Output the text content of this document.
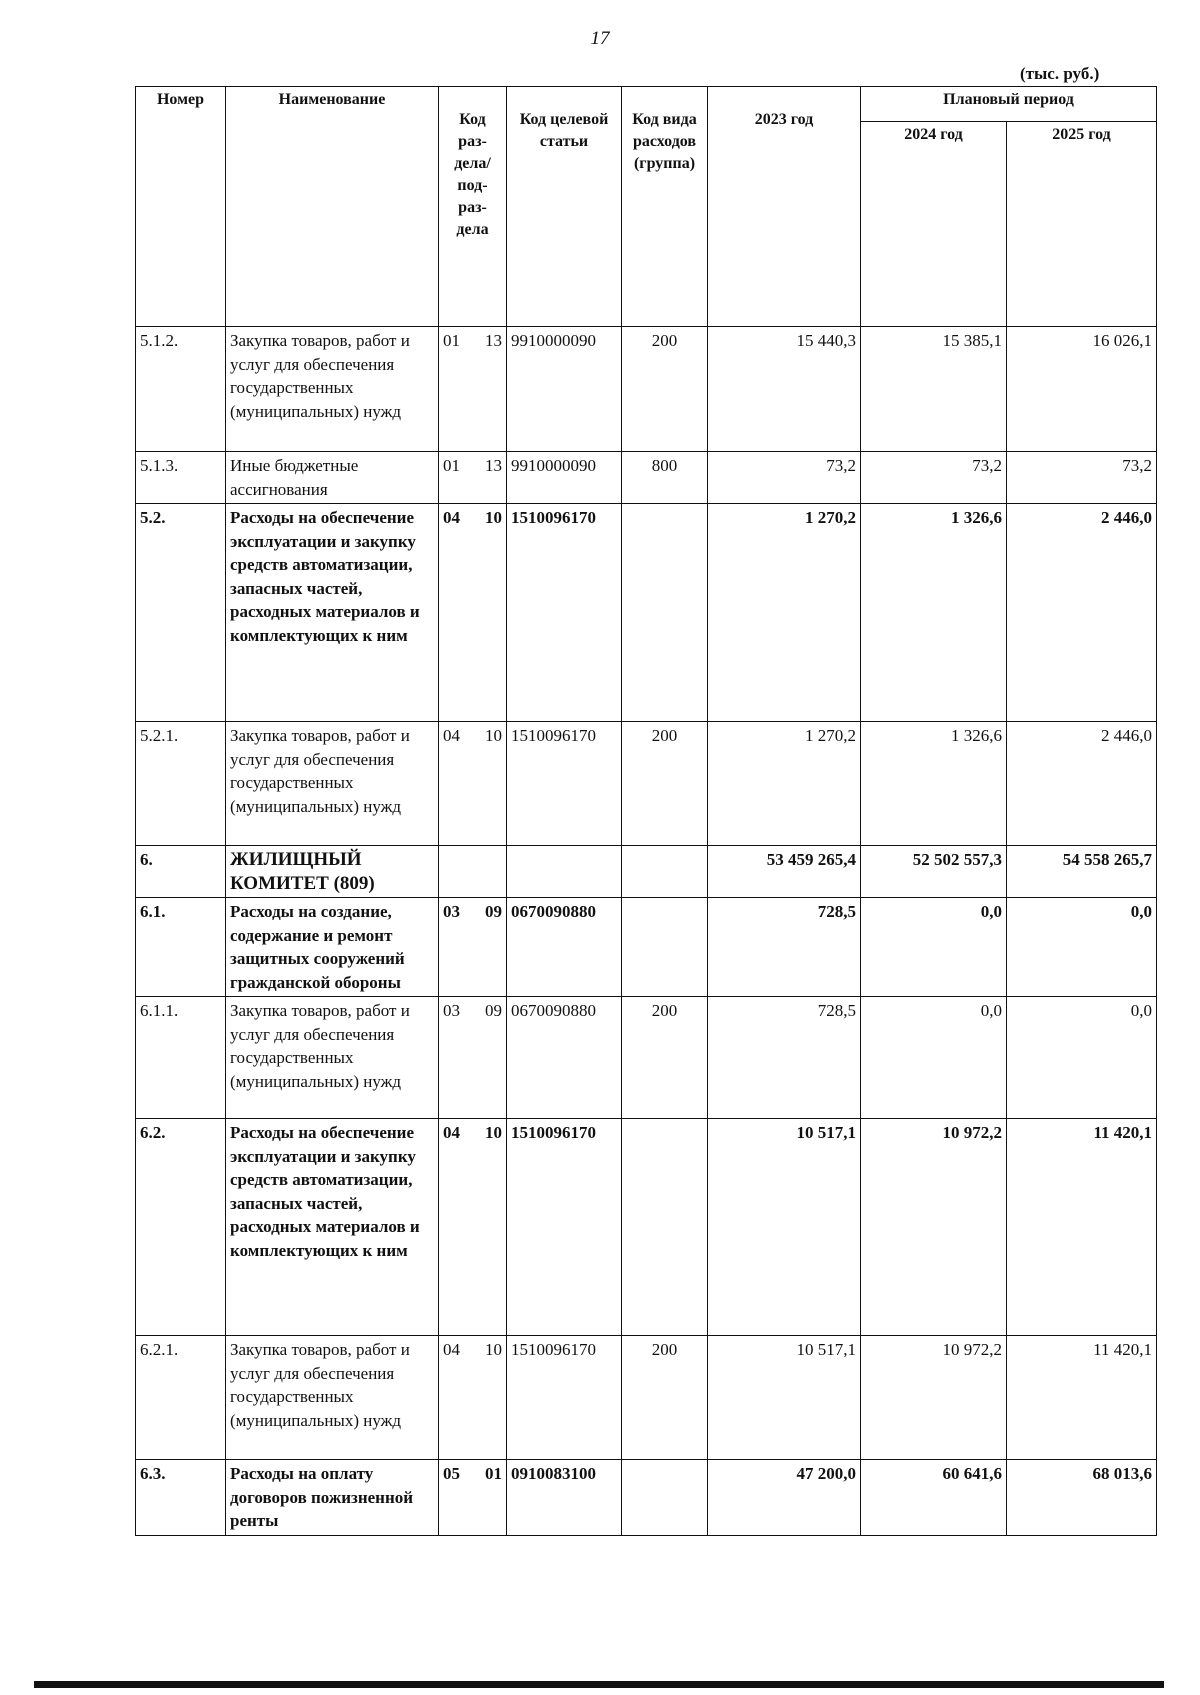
17
(тыс. руб.)
Номер	Наименование	Код раз- дела/ под- раз- дела	Код целевой статьи	Код вида расходов (группа)	2023 год	Плановый период	
						2024 год	2025 год
5.1.2.	Закупка товаров, работ и услуг для обеспечения государственных (муниципальных) нужд	01 13	9910000090	200	15 440,3	15 385,1	16 026,1
5.1.3.	Иные бюджетные ассигнования	01 13	9910000090	800	73,2	73,2	73,2
5.2.	Расходы на обеспечение эксплуатации и закупку средств автоматизации, запасных частей, расходных материалов и комплектующих к ним	04 10	1510096170		1 270,2	1 326,6	2 446,0
5.2.1.	Закупка товаров, работ и услуг для обеспечения государственных (муниципальных) нужд	04 10	1510096170	200	1 270,2	1 326,6	2 446,0
6.	ЖИЛИЩНЫЙ КОМИТЕТ (809)				53 459 265,4	52 502 557,3	54 558 265,7
6.1.	Расходы на создание, содержание и ремонт защитных сооружений гражданской обороны	03 09	0670090880		728,5	0,0	0,0
6.1.1.	Закупка товаров, работ и услуг для обеспечения государственных (муниципальных) нужд	03 09	0670090880	200	728,5	0,0	0,0
6.2.	Расходы на обеспечение эксплуатации и закупку средств автоматизации, запасных частей, расходных материалов и комплектующих к ним	04 10	1510096170		10 517,1	10 972,2	11 420,1
6.2.1.	Закупка товаров, работ и услуг для обеспечения государственных (муниципальных) нужд	04 10	1510096170	200	10 517,1	10 972,2	11 420,1
6.3.	Расходы на оплату договоров пожизненной ренты	05 01	0910083100		47 200,0	60 641,6	68 013,6
